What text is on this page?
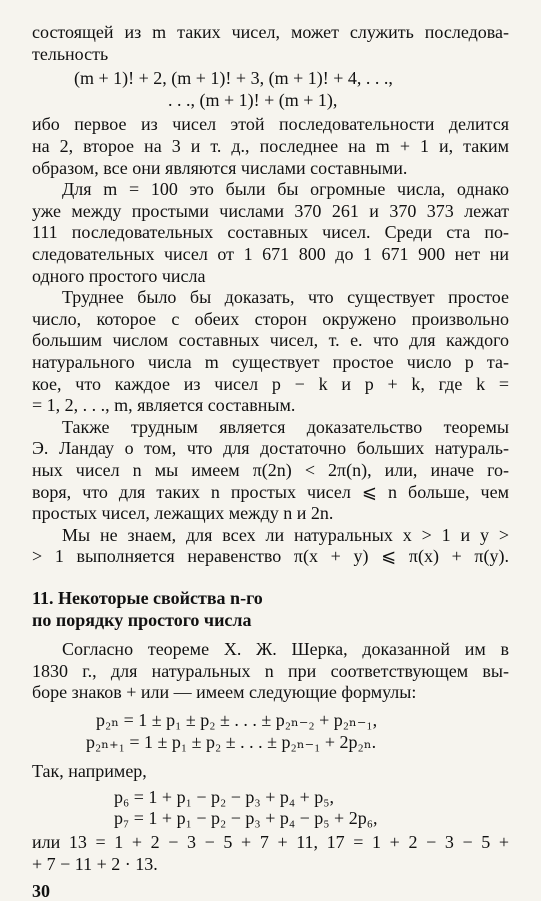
состоящей из m таких чисел, может служить последова-
тельность
(m + 1)! + 2, (m + 1)! + 3, (m + 1)! + 4, . . .,
. . ., (m + 1)! + (m + 1),
ибо первое из чисел этой последовательности делится
на 2, второе на 3 и т. д., последнее на m + 1 и, таким
образом, все они являются числами составными.
Для m = 100 это были бы огромные числа, однако
уже между простыми числами 370 261 и 370 373 лежат
111 последовательных составных чисел. Среди ста по-
следовательных чисел от 1 671 800 до 1 671 900 нет ни
одного простого числа
Труднее было бы доказать, что существует простое
число, которое с обеих сторон окружено произвольно
большим числом составных чисел, т. е. что для каждого
натурального числа m существует простое число p та-
кое, что каждое из чисел p − k и p + k, где k =
= 1, 2, . . ., m, является составным.
Также трудным является доказательство теоремы
Э. Ландау о том, что для достаточно больших натураль-
ных чисел n мы имеем π(2n) < 2π(n), или, иначе го-
воря, что для таких n простых чисел ⩽ n больше, чем
простых чисел, лежащих между n и 2n.
Мы не знаем, для всех ли натуральных x > 1 и y >
> 1 выполняется неравенство π(x + y) ⩽ π(x) + π(y).
11. Некоторые свойства n-го
по порядку простого числа
Согласно теореме Х. Ж. Шерка, доказанной им в
1830 г., для натуральных n при соответствующем вы-
боре знаков + или — имеем следующие формулы:
p₂ₙ = 1 ± p₁ ± p₂ ± . . . ± p₂ₙ₋₂ + p₂ₙ₋₁,
p₂ₙ₊₁ = 1 ± p₁ ± p₂ ± . . . ± p₂ₙ₋₁ + 2p₂ₙ.
Так, например,
p₆ = 1 + p₁ − p₂ − p₃ + p₄ + p₅,
p₇ = 1 + p₁ − p₂ − p₃ + p₄ − p₅ + 2p₆,
или 13 = 1 + 2 − 3 − 5 + 7 + 11, 17 = 1 + 2 − 3 − 5 +
+ 7 − 11 + 2 · 13.
30
